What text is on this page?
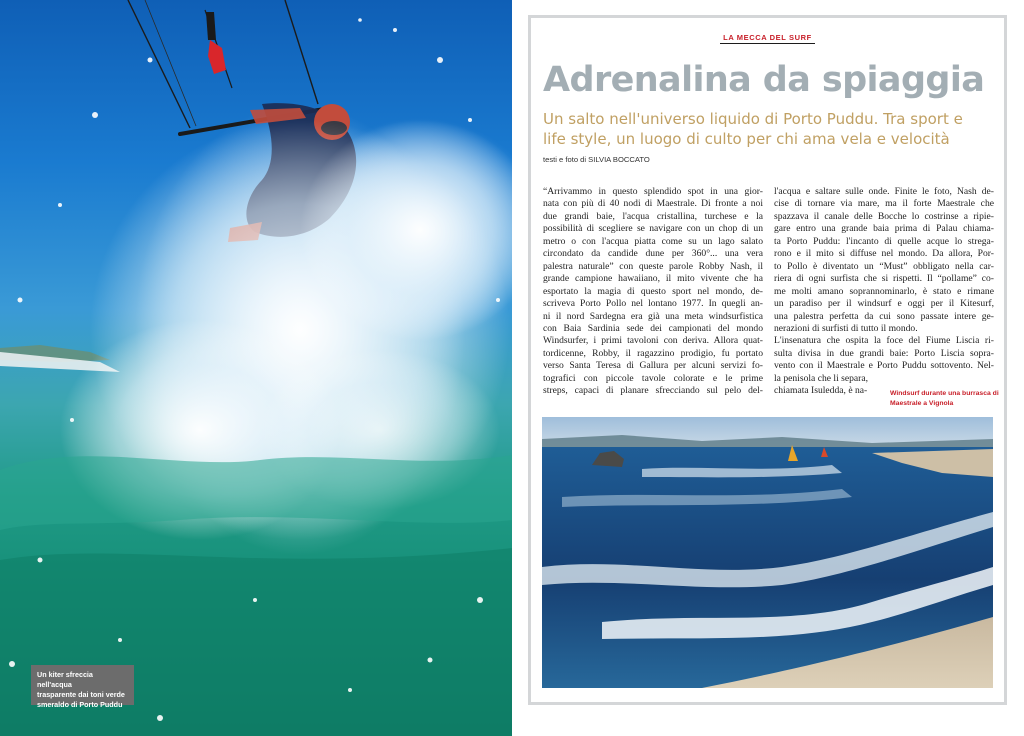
Un kiter sfreccia nell'acqua
trasparente dai toni verde
smeraldo di Porto Puddu
LA MECCA DEL SURF
Adrenalina da spiaggia
Un salto nell'universo liquido di Porto Puddu. Tra sport e life style, un luogo di culto per chi ama vela e velocità
testi e foto di SILVIA BOCCATO

“Arrivammo in questo splendido spot in una gior-

nata con più di 40 nodi di Maestrale. Di fronte a noi

due grandi baie, l'acqua cristallina, turchese e la

possibilità di scegliere se navigare con un chop di un

metro o con l'acqua piatta come su un lago salato

circondato da candide dune per 360°... una vera

palestra naturale” con queste parole Robby Nash, il

grande campione hawaiiano, il mito vivente che ha

esportato la magia di questo sport nel mondo, de-

scriveva Porto Pollo nel lontano 1977. In quegli an-

ni il nord Sardegna era già una meta windsurfistica

con Baia Sardinia sede dei campionati del mondo

Windsurfer, i primi tavoloni con deriva. Allora quat-

tordicenne, Robby, il ragazzino prodigio, fu portato

verso Santa Teresa di Gallura per alcuni servizi fo-

tografici con piccole tavole colorate e le prime

streps, capaci di planare sfrecciando sul pelo del-

l'acqua e saltare sulle onde. Finite le foto, Nash de-

cise di tornare via mare, ma il forte Maestrale che

spazzava il canale delle Bocche lo costrinse a ripie-

gare entro una grande baia prima di Palau chiama-

ta Porto Puddu: l'incanto di quelle acque lo strega-

rono e il mito si diffuse nel mondo. Da allora, Por-

to Pollo è diventato un “Must” obbligato nella car-

riera di ogni surfista che si rispetti. Il “pollame” co-

me molti amano soprannominarlo, è stato e rimane

un paradiso per il windsurf e oggi per il Kitesurf,

una palestra perfetta da cui sono passate intere ge-

nerazioni di surfisti di tutto il mondo.

L'insenatura che ospita la foce del Fiume Liscia ri-

sulta divisa in due grandi baie: Porto Liscia sopra-

vento con il Maestrale e Porto Puddu sottovento. Nel-

la penisola che li separa,

chiamata Isuledda, è na-	Windsurf durante una burrasca di
Maestrale a Vignola
